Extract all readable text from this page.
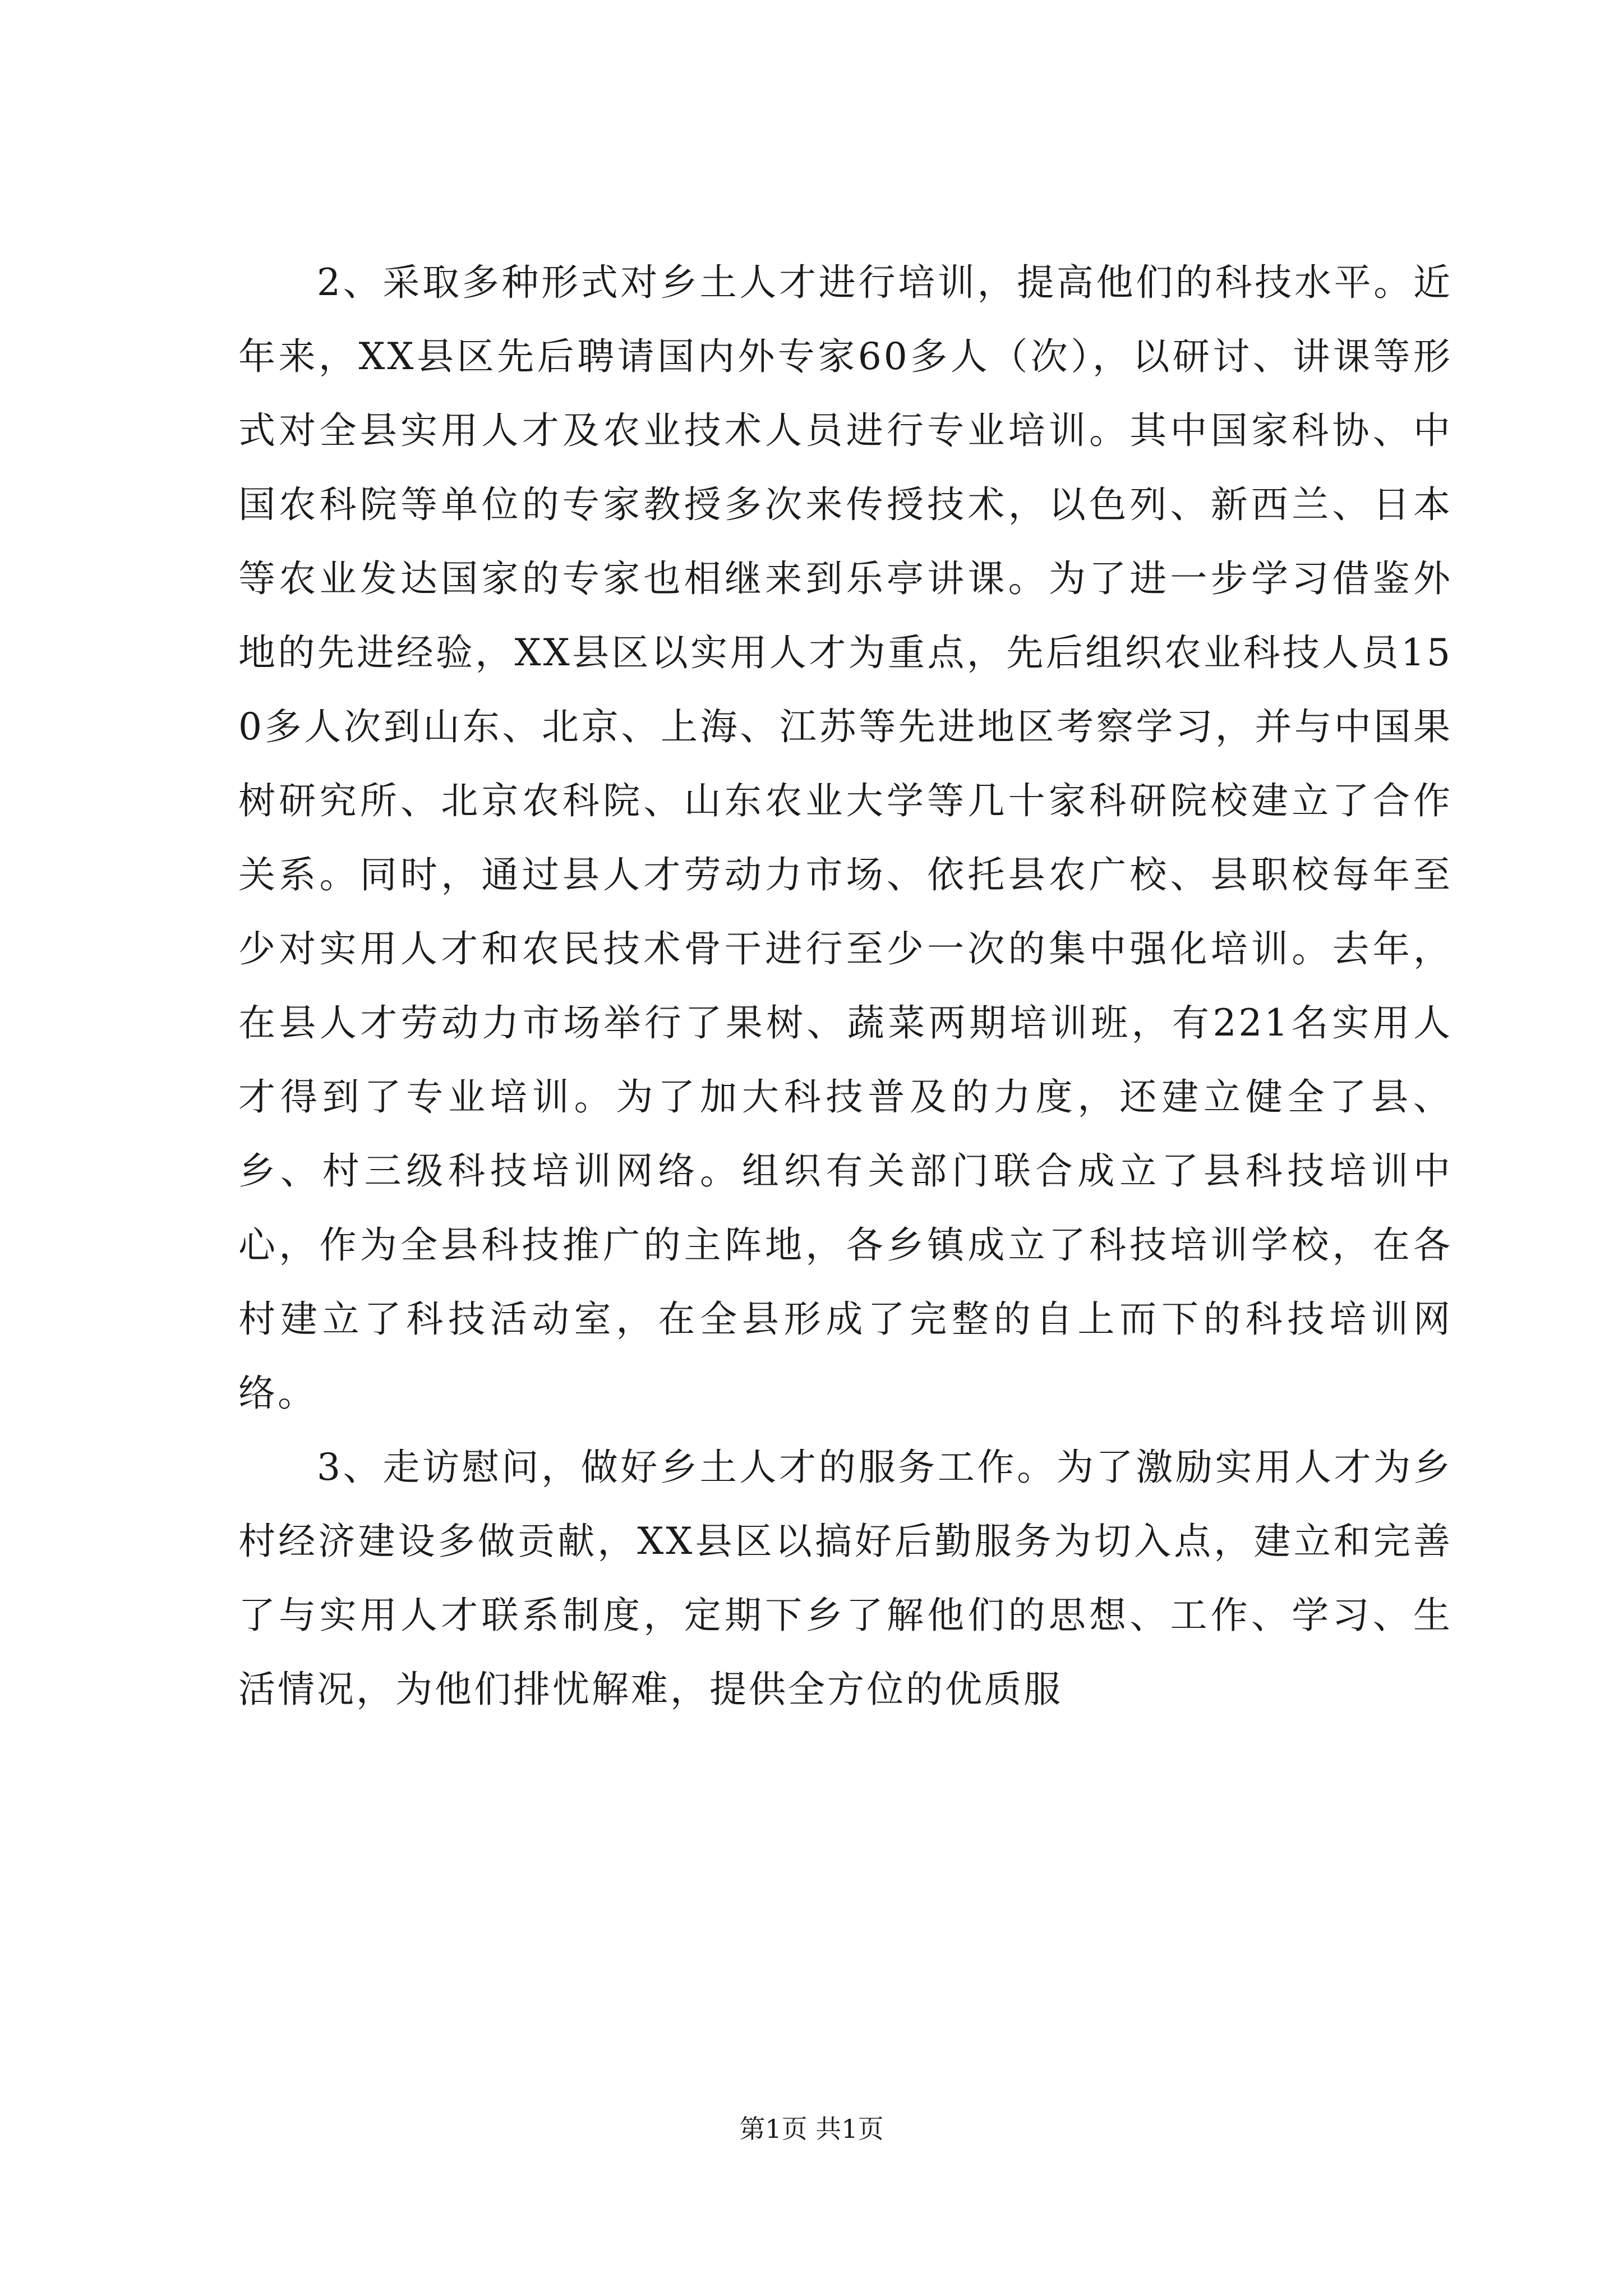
2、采取多种形式对乡土人才进行培训，提高他们的科技水平。近年来，XX县区先后聘请国内外专家60多人（次），以研讨、讲课等形式对全县实用人才及农业技术人员进行专业培训。其中国家科协、中国农科院等单位的专家教授多次来传授技术，以色列、新西兰、日本等农业发达国家的专家也相继来到乐亭讲课。为了进一步学习借鉴外地的先进经验，XX县区以实用人才为重点，先后组织农业科技人员150多人次到山东、北京、上海、江苏等先进地区考察学习，并与中国果树研究所、北京农科院、山东农业大学等几十家科研院校建立了合作关系。同时，通过县人才劳动力市场、依托县农广校、县职校每年至少对实用人才和农民技术骨干进行至少一次的集中强化培训。去年，在县人才劳动力市场举行了果树、蔬菜两期培训班，有221名实用人才得到了专业培训。为了加大科技普及的力度，还建立健全了县、乡、村三级科技培训网络。组织有关部门联合成立了县科技培训中心，作为全县科技推广的主阵地，各乡镇成立了科技培训学校，在各村建立了科技活动室，在全县形成了完整的自上而下的科技培训网络。

3、走访慰问，做好乡土人才的服务工作。为了激励实用人才为乡村经济建设多做贡献，XX县区以搞好后勤服务为切入点，建立和完善了与实用人才联系制度，定期下乡了解他们的思想、工作、学习、生活情况，为他们排忧解难，提供全方位的优质服

第1页 共1页
